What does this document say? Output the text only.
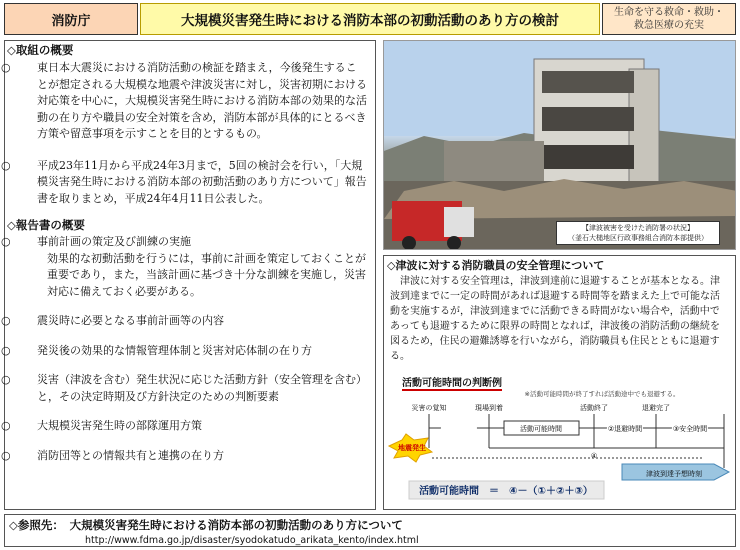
消防庁	大規模災害発生時における消防本部の初動活動のあり方の検討
生命を守る救命・救助・
救急医療の充実
◇取組の概要
○ 東日本大震災における消防活動の検証を踏まえ，今後発生することが想定される大規模な地震や津波災害に対し，災害初期における対応策を中心に，大規模災害発生時における消防本部の効果的な活動の在り方や職員の安全対策を含め，消防本部が具体的にとるべき方策や留意事項を示すことを目的とするもの。
○ 平成23年11月から平成24年3月まで，5回の検討会を行い，「大規模災害発生時における消防本部の初動活動のあり方について」報告書を取りまとめ，平成24年4月11日公表した。
◇報告書の概要
○ 事前計画の策定及び訓練の実施
効果的な初動活動を行うには，事前に計画を策定しておくことが重要であり，また，当該計画に基づき十分な訓練を実施し，災害対応に備えておく必要がある。
○ 震災時に必要となる事前計画等の内容
○ 発災後の効果的な情報管理体制と災害対応体制の在り方
○ 災害（津波を含む）発生状況に応じた活動方針（安全管理を含む）と，その決定時期及び方針決定のための判断要素
○ 大規模災害発生時の部隊運用方策
○ 消防団等との情報共有と連携の在り方
【津波被害を受けた消防署の状況】
（釜石大槌地区行政事務組合消防本部提供）
◇津波に対する消防職員の安全管理について
津波に対する安全管理は，津波到達前に退避することが基本となる。津波到達までに一定の時間があれば退避する時間等を踏まえた上で可能な活動を実施するが，津波到達までに活動できる時間がない場合や，活動中であっても退避するために限界の時間となれば，津波後の消防活動の継続を図るため，住民の避難誘導を行いながら，消防職員も住民とともに退避する。
活動可能時間の判断例
※活動可能時間が終了すれば活動途中でも退避する。
災害の覚知	現場到着	活動終了	退避完了
①出動時間	活動可能時間	②退避時間	③安全時間
④
地震発生
津波到達予想時刻
活動可能時間　＝　④－（①＋②＋③）
◇参照先：　大規模災害発生時における消防本部の初動活動のあり方について
http://www.fdma.go.jp/disaster/syodokatudo_arikata_kento/index.html
